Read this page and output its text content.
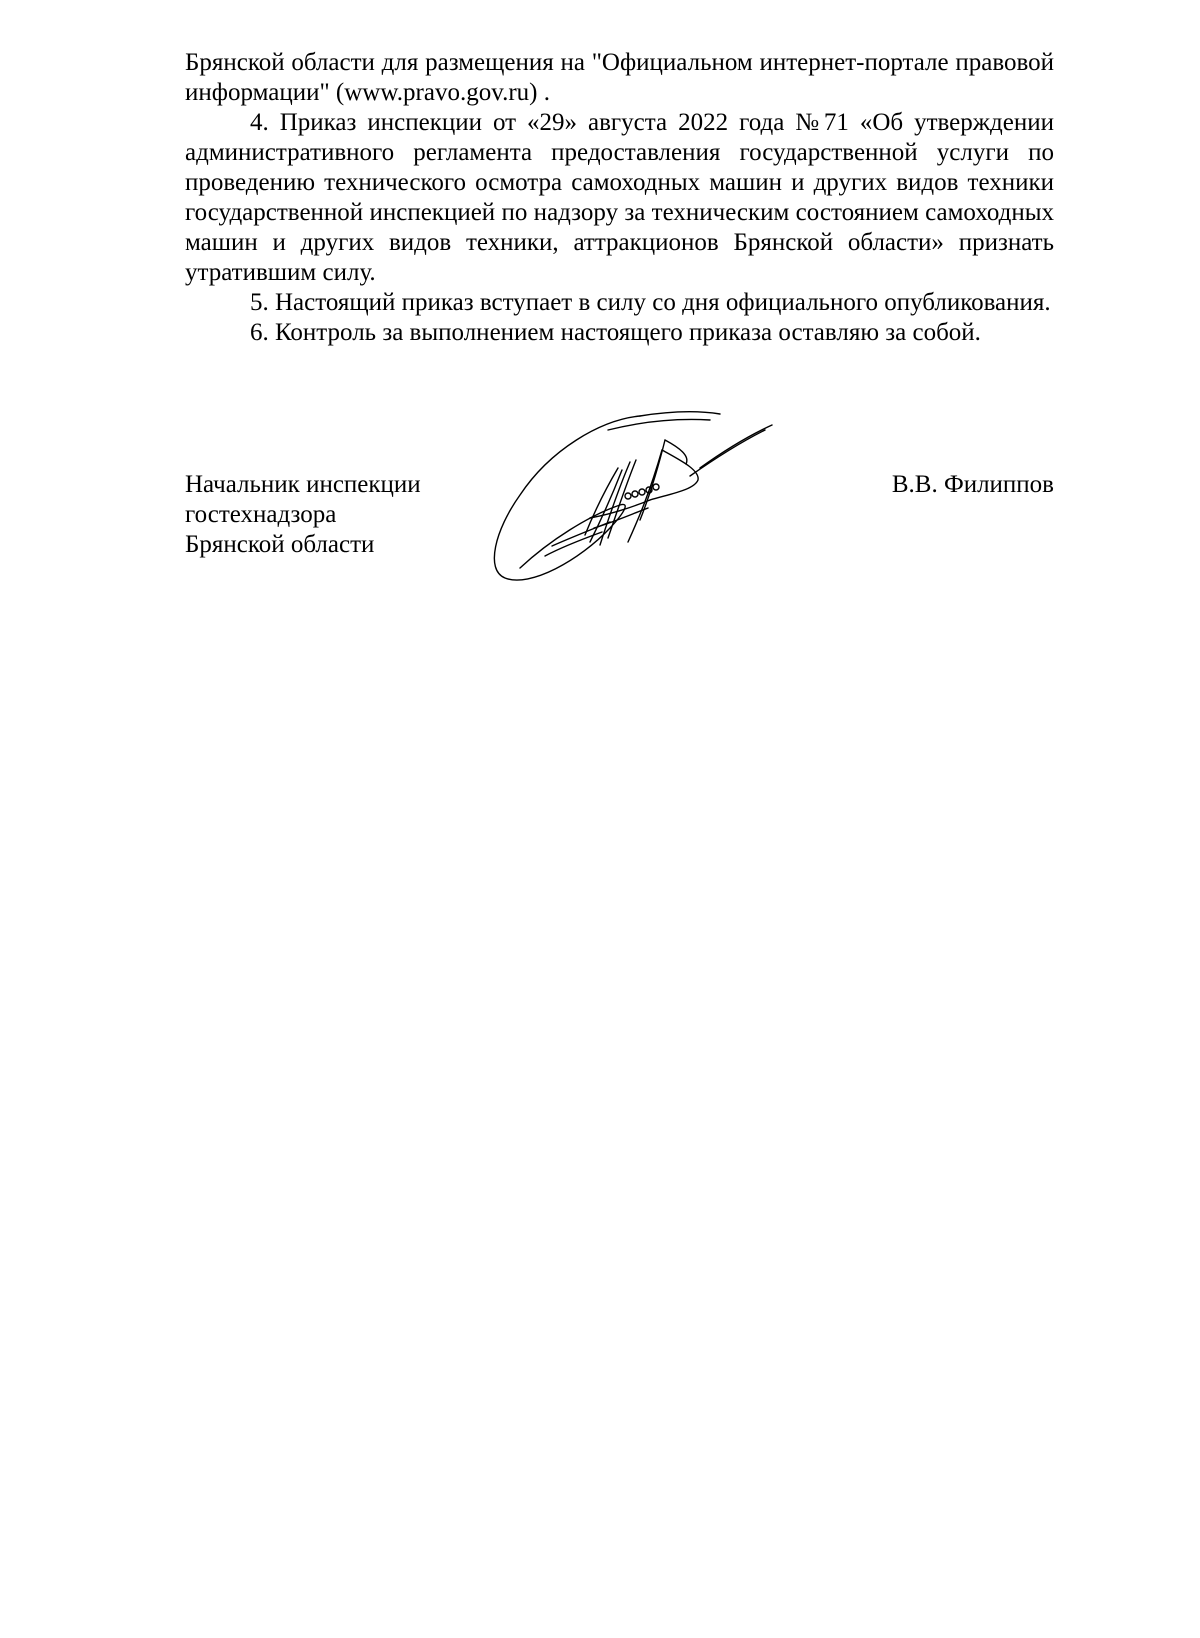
Брянской области для размещения на "Официальном интернет-портале правовой информации" (www.pravo.gov.ru) .

4. Приказ инспекции от «29» августа 2022 года №71 «Об утверждении административного регламента предоставления государственной услуги по проведению технического осмотра самоходных машин и других видов техники государственной инспекцией по надзору за техническим состоянием самоходных машин и других видов техники, аттракционов Брянской области» признать утратившим силу.

5. Настоящий приказ вступает в силу со дня официального опубликования.

6. Контроль за выполнением настоящего приказа оставляю за собой.

Начальник инспекции
гостехнадзора
Брянской области
В.В. Филиппов
